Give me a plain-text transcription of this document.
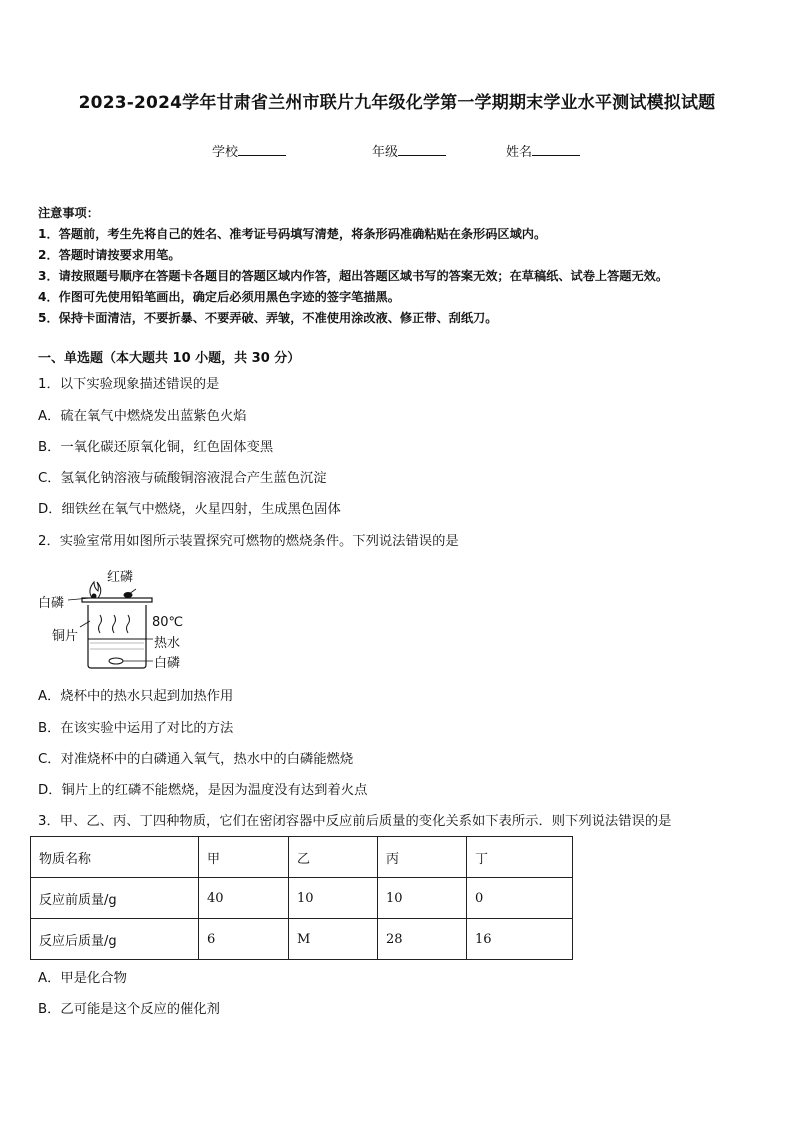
2023-2024学年甘肃省兰州市联片九年级化学第一学期期末学业水平测试模拟试题
学校	年级	姓名
注意事项：
1．答题前，考生先将自己的姓名、准考证号码填写清楚，将条形码准确粘贴在条形码区域内。
2．答题时请按要求用笔。
3．请按照题号顺序在答题卡各题目的答题区域内作答，超出答题区域书写的答案无效；在草稿纸、试卷上答题无效。
4．作图可先使用铅笔画出，确定后必须用黑色字迹的签字笔描黑。
5．保持卡面清洁，不要折暴、不要弄破、弄皱，不准使用涂改液、修正带、刮纸刀。
一、单选题（本大题共 10 小题，共 30 分）
1．以下实验现象描述错误的是
A．硫在氧气中燃烧发出蓝紫色火焰
B．一氧化碳还原氧化铜，红色固体变黑
C．氢氧化钠溶液与硫酸铜溶液混合产生蓝色沉淀
D．细铁丝在氧气中燃烧，火星四射，生成黑色固体
2．实验室常用如图所示装置探究可燃物的燃烧条件。下列说法错误的是
红磷
白磷
铜片
80℃
热水
白磷
A．烧杯中的热水只起到加热作用
B．在该实验中运用了对比的方法
C．对准烧杯中的白磷通入氧气，热水中的白磷能燃烧
D．铜片上的红磷不能燃烧，是因为温度没有达到着火点
3．甲、乙、丙、丁四种物质，它们在密闭容器中反应前后质量的变化关系如下表所示．则下列说法错误的是
物质名称	甲	乙	丙	丁
反应前质量/g	40	10	10	0
反应后质量/g	6	M	28	16
A．甲是化合物
B．乙可能是这个反应的催化剂
